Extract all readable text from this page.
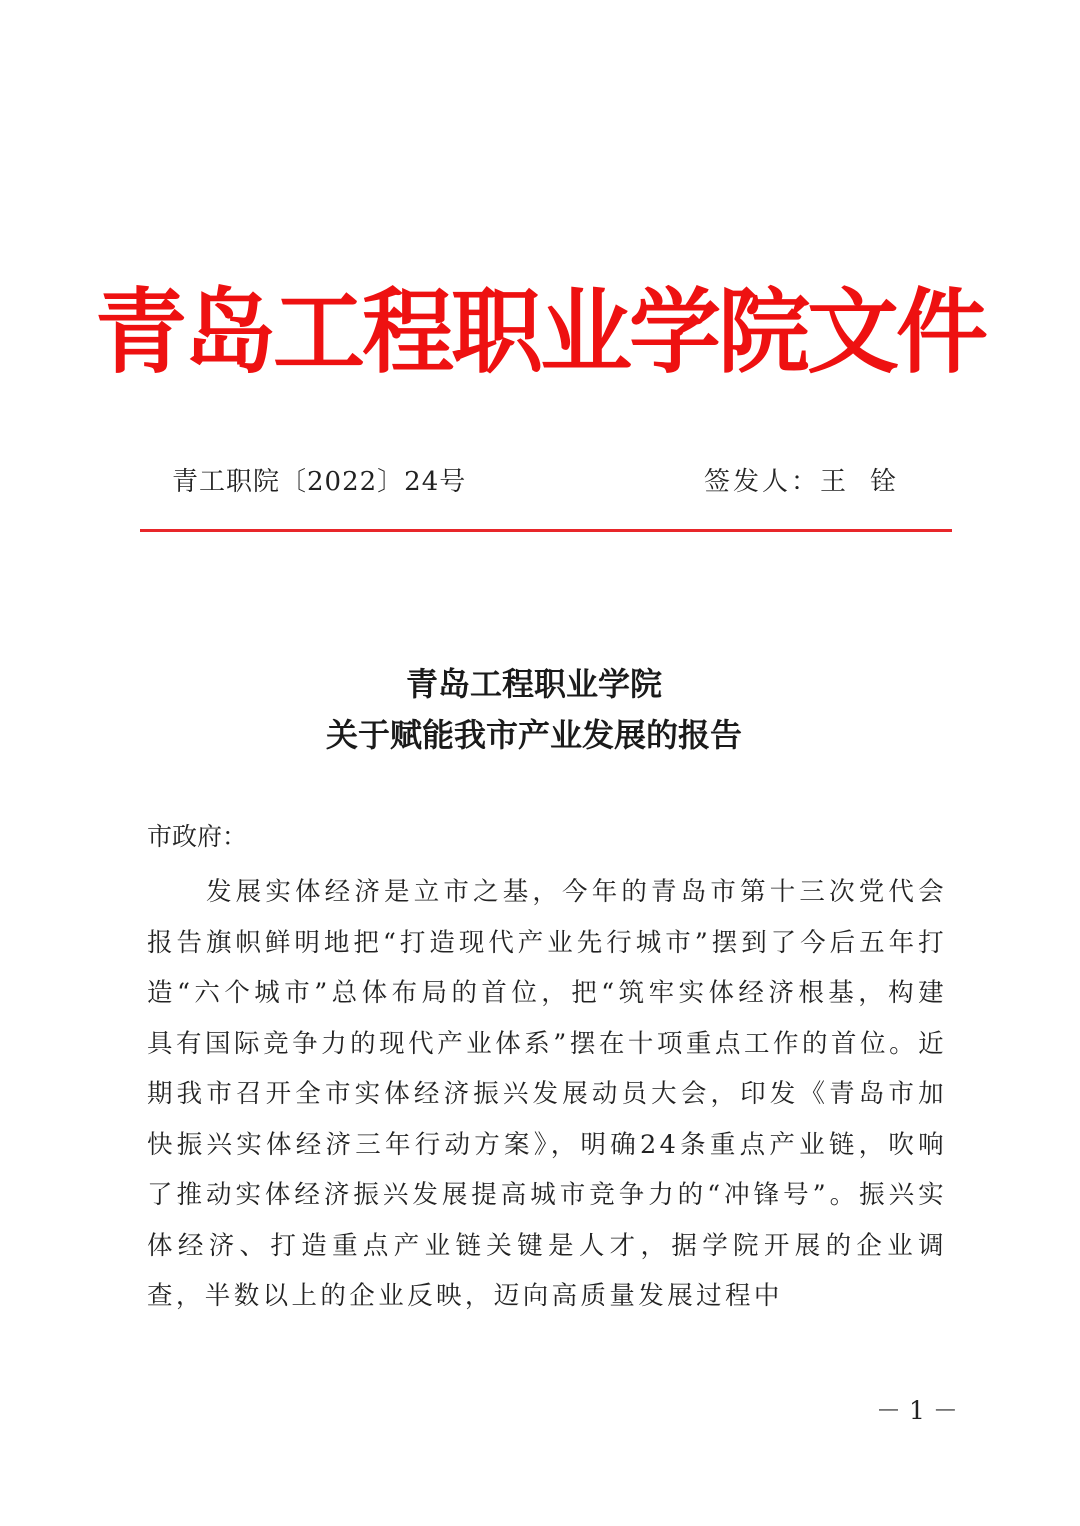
青岛工程职业学院文件
青工职院〔2022〕24号	签发人：王铨
青岛工程职业学院
关于赋能我市产业发展的报告
市政府：

发展实体经济是立市之基，今年的青岛市第十三次党代会报告旗帜鲜明地把“打造现代产业先行城市”摆到了今后五年打造“六个城市”总体布局的首位，把“筑牢实体经济根基，构建具有国际竞争力的现代产业体系”摆在十项重点工作的首位。近期我市召开全市实体经济振兴发展动员大会，印发《青岛市加快振兴实体经济三年行动方案》，明确24条重点产业链，吹响了推动实体经济振兴发展提高城市竞争力的“冲锋号”。振兴实体经济、打造重点产业链关键是人才，据学院开展的企业调查，半数以上的企业反映，迈向高质量发展过程中

－1－
